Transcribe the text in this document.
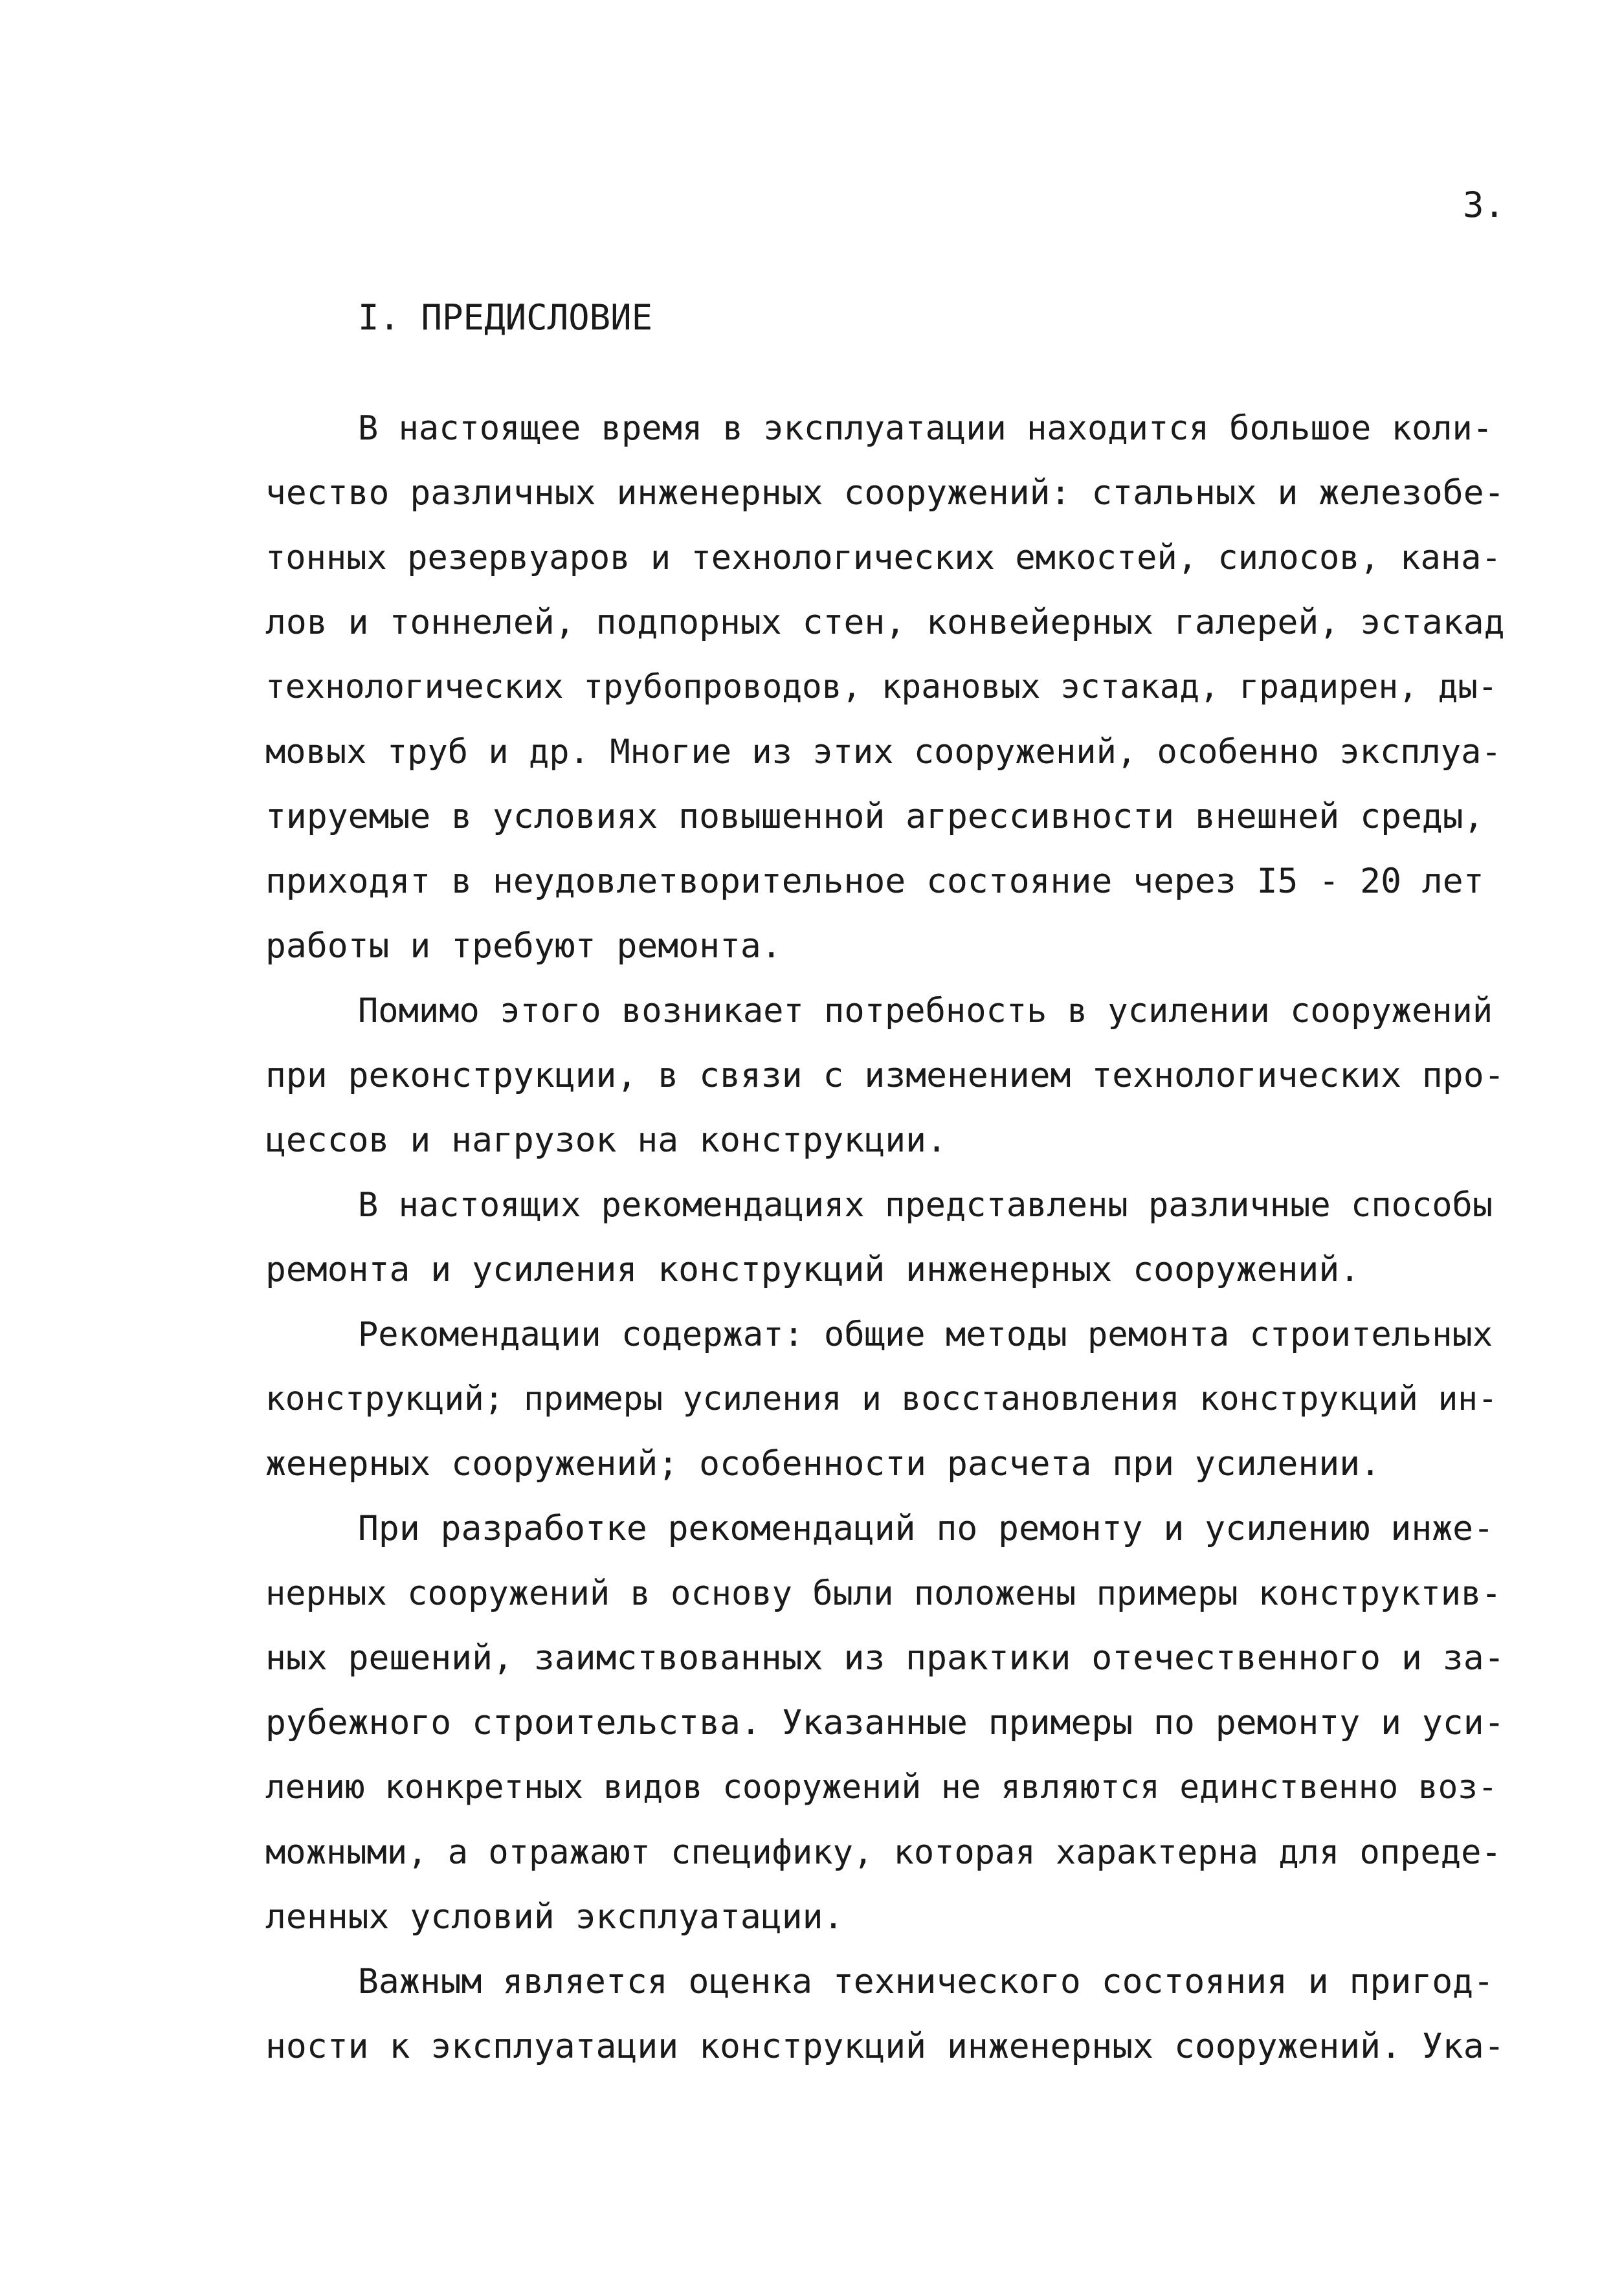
3.
I. ПРЕДИСЛОВИЕ
В настоящее время в эксплуатации находится большое коли-
чество различных инженерных сооружений: стальных и железобе-
тонных резервуаров и технологических емкостей, силосов, кана-
лов и тоннелей, подпорных стен, конвейерных галерей, эстакад
технологических трубопроводов, крановых эстакад, градирен, ды-
мовых труб и др. Многие из этих сооружений, особенно эксплуа-
тируемые в условиях повышенной агрессивности внешней среды,
приходят в неудовлетворительное состояние через I5 - 20 лет
работы и требуют ремонта.
Помимо этого возникает потребность в усилении сооружений
при реконструкции, в связи с изменением технологических про-
цессов и нагрузок на конструкции.
В настоящих рекомендациях представлены различные способы
ремонта и усиления конструкций инженерных сооружений.
Рекомендации содержат: общие методы ремонта строительных
конструкций; примеры усиления и восстановления конструкций ин-
женерных сооружений; особенности расчета при усилении.
При разработке рекомендаций по ремонту и усилению инже-
нерных сооружений в основу были положены примеры конструктив-
ных решений, заимствованных из практики отечественного и за-
рубежного строительства. Указанные примеры по ремонту и уси-
лению конкретных видов сооружений не являются единственно воз-
можными, а отражают специфику, которая характерна для опреде-
ленных условий эксплуатации.
Важным является оценка технического состояния и пригод-
ности к эксплуатации конструкций инженерных сооружений. Ука-
